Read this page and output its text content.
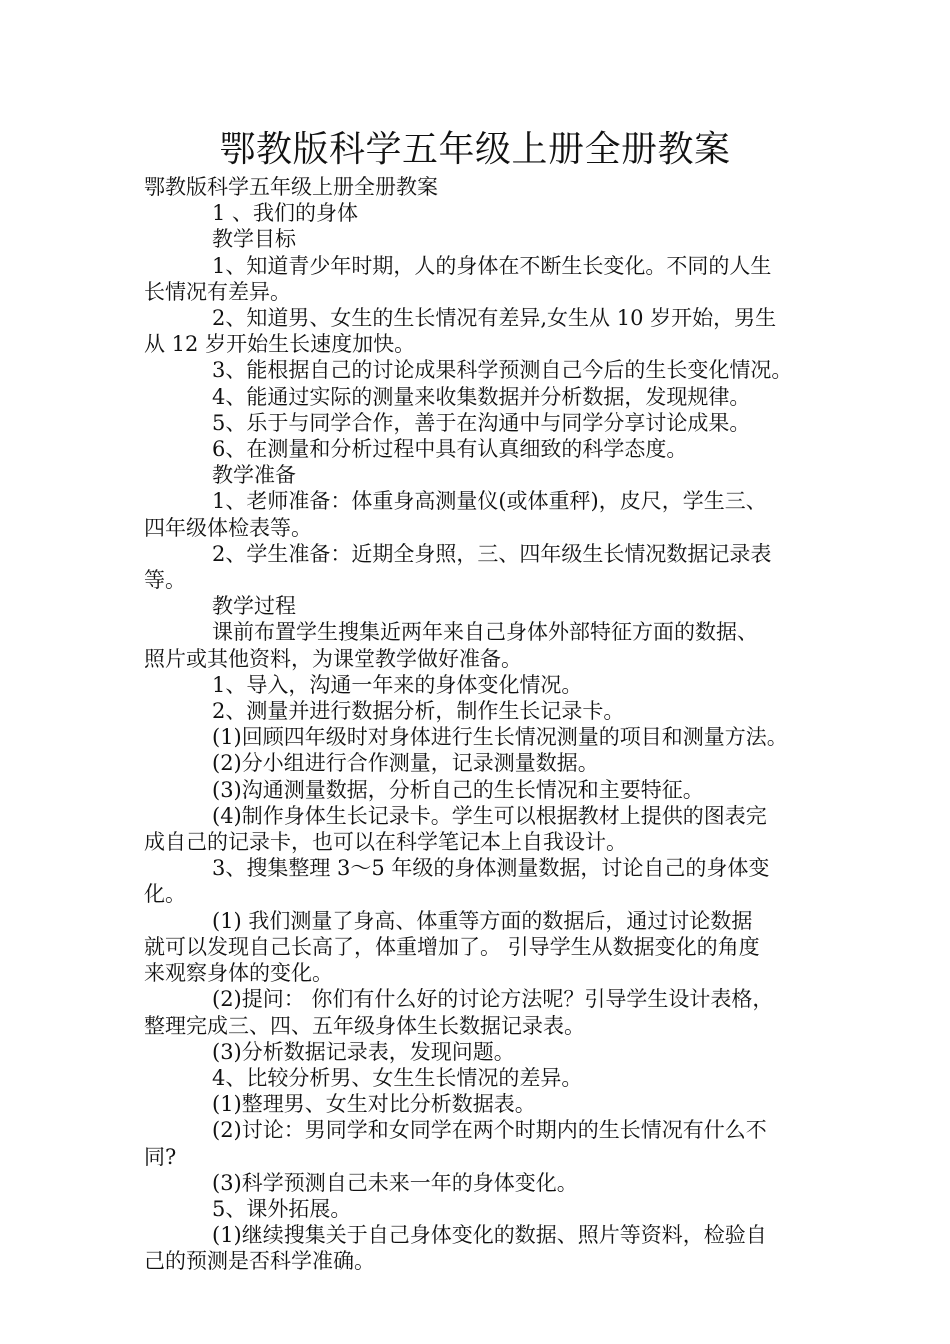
鄂教版科学五年级上册全册教案

鄂教版科学五年级上册全册教案

1 、我们的身体

教学目标

1、知道青少年时期，人的身体在不断生长变化。不同的人生

长情况有差异。

2、知道男、女生的生长情况有差异,女生从 10 岁开始，男生

从 12 岁开始生长速度加快。

3、能根据自己的讨论成果科学预测自己今后的生长变化情况。

4、能通过实际的测量来收集数据并分析数据，发现规律。

5、乐于与同学合作，善于在沟通中与同学分享讨论成果。

6、在测量和分析过程中具有认真细致的科学态度。

教学准备

1、老师准备：体重身高测量仪(或体重秤)，皮尺，学生三、

四年级体检表等。

2、学生准备：近期全身照，三、四年级生长情况数据记录表

等。

教学过程

课前布置学生搜集近两年来自己身体外部特征方面的数据、

照片或其他资料，为课堂教学做好准备。

1、导入，沟通一年来的身体变化情况。

2、测量并进行数据分析，制作生长记录卡。

(1)回顾四年级时对身体进行生长情况测量的项目和测量方法。

(2)分小组进行合作测量，记录测量数据。

(3)沟通测量数据，分析自己的生长情况和主要特征。

(4)制作身体生长记录卡。学生可以根据教材上提供的图表完

成自己的记录卡，也可以在科学笔记本上自我设计。

3、搜集整理 3～5 年级的身体测量数据，讨论自己的身体变

化。

(1) 我们测量了身高、体重等方面的数据后，通过讨论数据

就可以发现自己长高了，体重增加了。 引导学生从数据变化的角度

来观察身体的变化。

(2)提问： 你们有什么好的讨论方法呢？引导学生设计表格，

整理完成三、四、五年级身体生长数据记录表。

(3)分析数据记录表，发现问题。

4、比较分析男、女生生长情况的差异。

(1)整理男、女生对比分析数据表。

(2)讨论：男同学和女同学在两个时期内的生长情况有什么不

同?

(3)科学预测自己未来一年的身体变化。

5、课外拓展。

(1)继续搜集关于自己身体变化的数据、照片等资料，检验自

己的预测是否科学准确。
